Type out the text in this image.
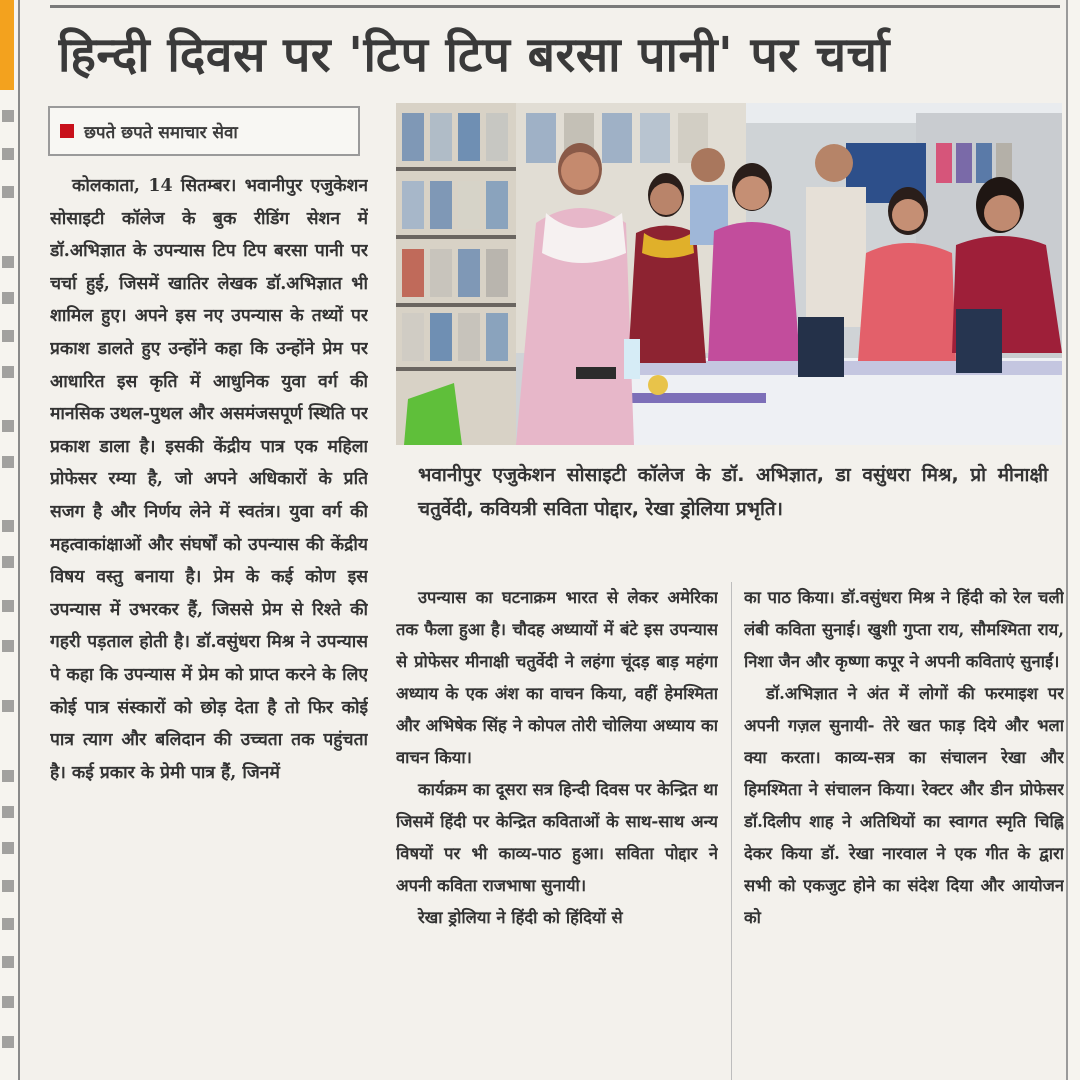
हिन्दी दिवस पर 'टिप टिप बरसा पानी' पर चर्चा
छपते छपते समाचार सेवा

कोलकाता, 14 सितम्बर। भवानीपुर एजुकेशन सोसाइटी कॉलेज के बुक रीडिंग सेशन में डॉ.अभिज्ञात के उपन्यास टिप टिप बरसा पानी पर चर्चा हुई, जिसमें खातिर लेखक डॉ.अभिज्ञात भी शामिल हुए। अपने इस नए उपन्यास के तथ्यों पर प्रकाश डालते हुए उन्होंने कहा कि उन्होंने प्रेम पर आधारित इस कृति में आधुनिक युवा वर्ग की मानसिक उथल-पुथल और असमंजसपूर्ण स्थिति पर प्रकाश डाला है। इसकी केंद्रीय पात्र एक महिला प्रोफेसर रम्या है, जो अपने अधिकारों के प्रति सजग है और निर्णय लेने में स्वतंत्र। युवा वर्ग की महत्वाकांक्षाओं और संघर्षों को उपन्यास की केंद्रीय विषय वस्तु बनाया है। प्रेम के कई कोण इस उपन्यास में उभरकर हैं, जिससे प्रेम से रिश्ते की गहरी पड़ताल होती है। डॉ.वसुंधरा मिश्र ने उपन्यास पे कहा कि उपन्यास में प्रेम को प्राप्त करने के लिए कोई पात्र संस्कारों को छोड़ देता है तो फिर कोई पात्र त्याग और बलिदान की उच्चता तक पहुंचता है। कई प्रकार के प्रेमी पात्र हैं, जिनमें

भवानीपुर एजुकेशन सोसाइटी कॉलेज के डॉ. अभिज्ञात, डा वसुंधरा मिश्र, प्रो मीनाक्षी चतुर्वेदी, कवियत्री सविता पोद्दार, रेखा ड्रोलिया प्रभृति।

उपन्यास का घटनाक्रम भारत से लेकर अमेरिका तक फैला हुआ है। चौदह अध्यायों में बंटे इस उपन्यास से प्रोफेसर मीनाक्षी चतुर्वेदी ने लहंगा चूंदड़ बाड़ महंगा अध्याय के एक अंश का वाचन किया, वहीं हेमश्मिता और अभिषेक सिंह ने कोपल तोरी चोलिया अध्याय का वाचन किया।

कार्यक्रम का दूसरा सत्र हिन्दी दिवस पर केन्द्रित था जिसमें हिंदी पर केन्द्रित कविताओं के साथ-साथ अन्य विषयों पर भी काव्य-पाठ हुआ। सविता पोद्दार ने अपनी कविता राजभाषा सुनायी।

रेखा ड्रोलिया ने हिंदी को हिंदियों से

का पाठ किया। डॉ.वसुंधरा मिश्र ने हिंदी को रेल चली लंबी कविता सुनाई। खुशी गुप्ता राय, सौमश्मिता राय, निशा जैन और कृष्णा कपूर ने अपनी कविताएं सुनाईं।

डॉ.अभिज्ञात ने अंत में लोगों की फरमाइश पर अपनी गज़ल सुनायी- तेरे खत फाड़ दिये और भला क्या करता। काव्य-सत्र का संचालन रेखा और हिमश्मिता ने संचालन किया। रेक्टर और डीन प्रोफेसर डॉ.दिलीप शाह ने अतिथियों का स्वागत स्मृति चिह्नि देकर किया डॉ. रेखा नारवाल ने एक गीत के द्वारा सभी को एकजुट होने का संदेश दिया और आयोजन को
